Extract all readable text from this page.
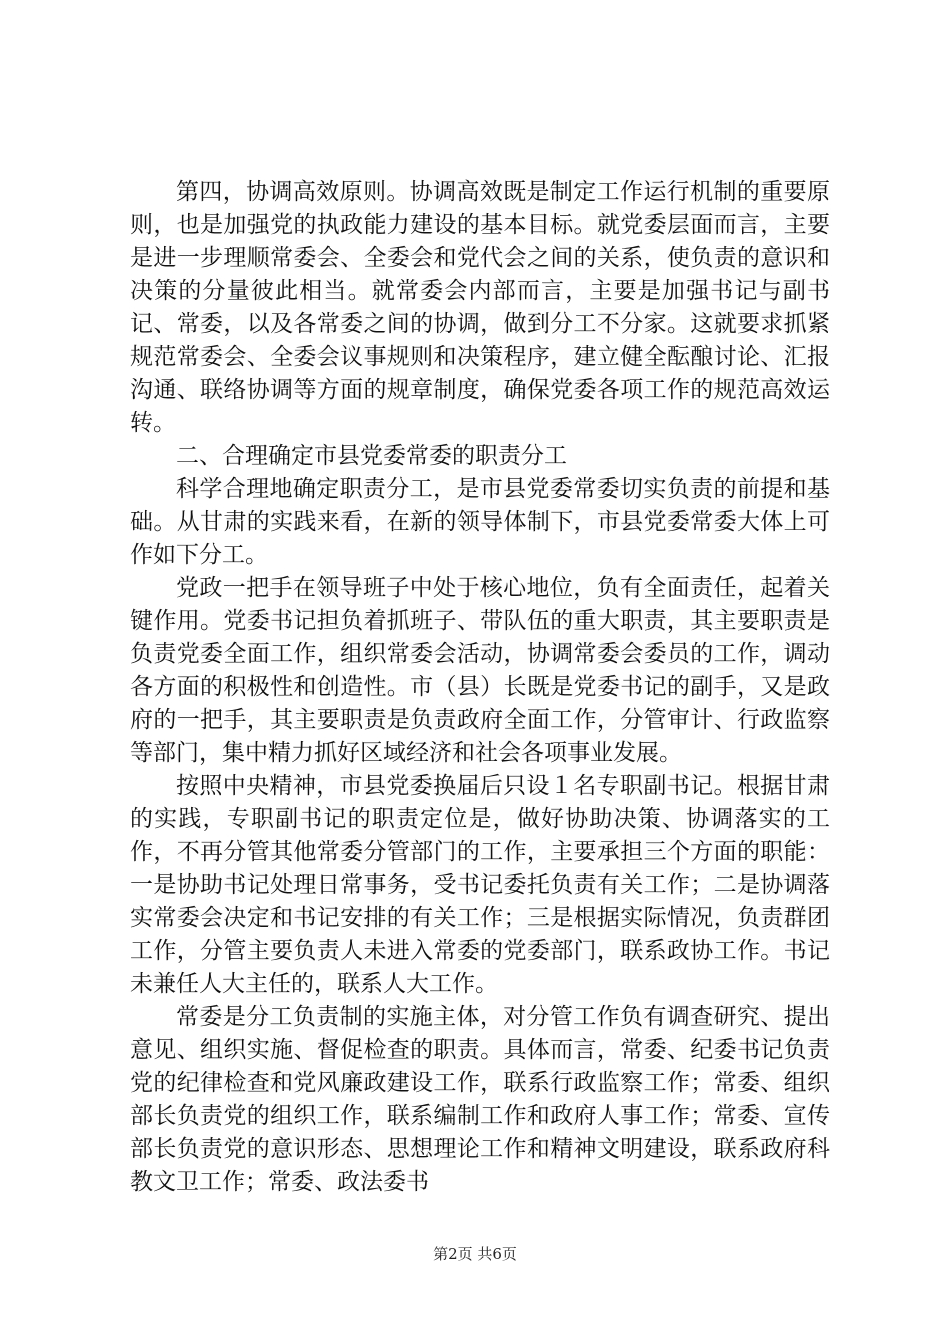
第四，协调高效原则。协调高效既是制定工作运行机制的重要原则，也是加强党的执政能力建设的基本目标。就党委层面而言，主要是进一步理顺常委会、全委会和党代会之间的关系，使负责的意识和决策的分量彼此相当。就常委会内部而言，主要是加强书记与副书记、常委，以及各常委之间的协调，做到分工不分家。这就要求抓紧规范常委会、全委会议事规则和决策程序，建立健全酝酿讨论、汇报沟通、联络协调等方面的规章制度，确保党委各项工作的规范高效运转。

二、合理确定市县党委常委的职责分工

科学合理地确定职责分工，是市县党委常委切实负责的前提和基础。从甘肃的实践来看，在新的领导体制下，市县党委常委大体上可作如下分工。

党政一把手在领导班子中处于核心地位，负有全面责任，起着关键作用。党委书记担负着抓班子、带队伍的重大职责，其主要职责是负责党委全面工作，组织常委会活动，协调常委会委员的工作，调动各方面的积极性和创造性。市（县）长既是党委书记的副手，又是政府的一把手，其主要职责是负责政府全面工作，分管审计、行政监察等部门，集中精力抓好区域经济和社会各项事业发展。

按照中央精神，市县党委换届后只设１名专职副书记。根据甘肃的实践，专职副书记的职责定位是，做好协助决策、协调落实的工作，不再分管其他常委分管部门的工作，主要承担三个方面的职能：一是协助书记处理日常事务，受书记委托负责有关工作；二是协调落实常委会决定和书记安排的有关工作；三是根据实际情况，负责群团工作，分管主要负责人未进入常委的党委部门，联系政协工作。书记未兼任人大主任的，联系人大工作。

常委是分工负责制的实施主体，对分管工作负有调查研究、提出意见、组织实施、督促检查的职责。具体而言，常委、纪委书记负责党的纪律检查和党风廉政建设工作，联系行政监察工作；常委、组织部长负责党的组织工作，联系编制工作和政府人事工作；常委、宣传部长负责党的意识形态、思想理论工作和精神文明建设，联系政府科教文卫工作；常委、政法委书

第2页 共6页
